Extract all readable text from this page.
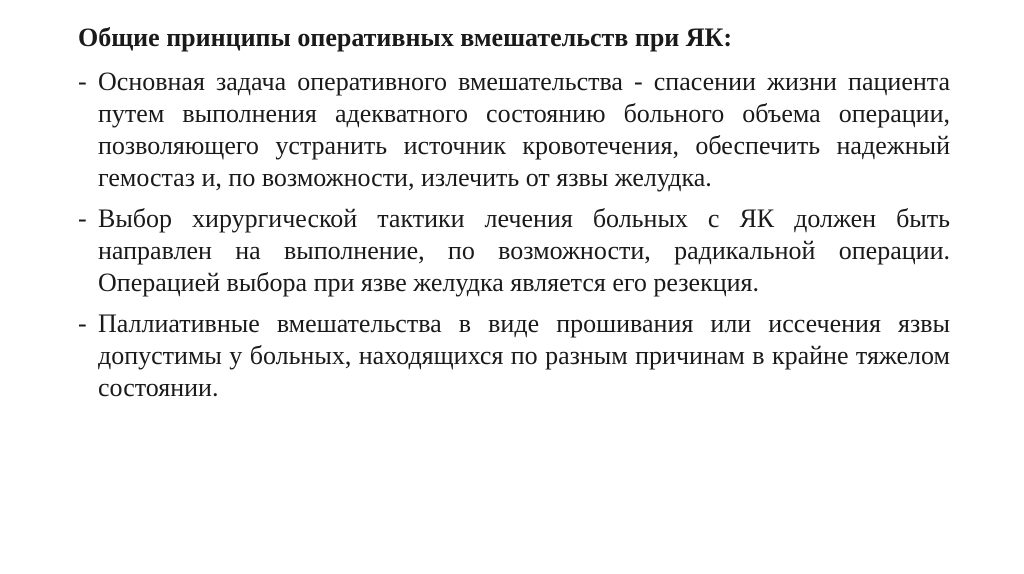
Общие принципы оперативных вмешательств при ЯК:
- Основная задача оперативного вмешательства - спасении жизни пациента путем выполнения адекватного состоянию больного объема операции, позволяющего устранить источник кровотечения, обеспечить надежный гемостаз и, по возможности, излечить от язвы желудка.
- Выбор хирургической тактики лечения больных с ЯК должен быть направлен на выполнение, по возможности, радикальной операции. Операцией выбора при язве желудка является его резекция.
- Паллиативные вмешательства в виде прошивания или иссечения язвы допустимы у больных, находящихся по разным причинам в крайне тяжелом состоянии.
